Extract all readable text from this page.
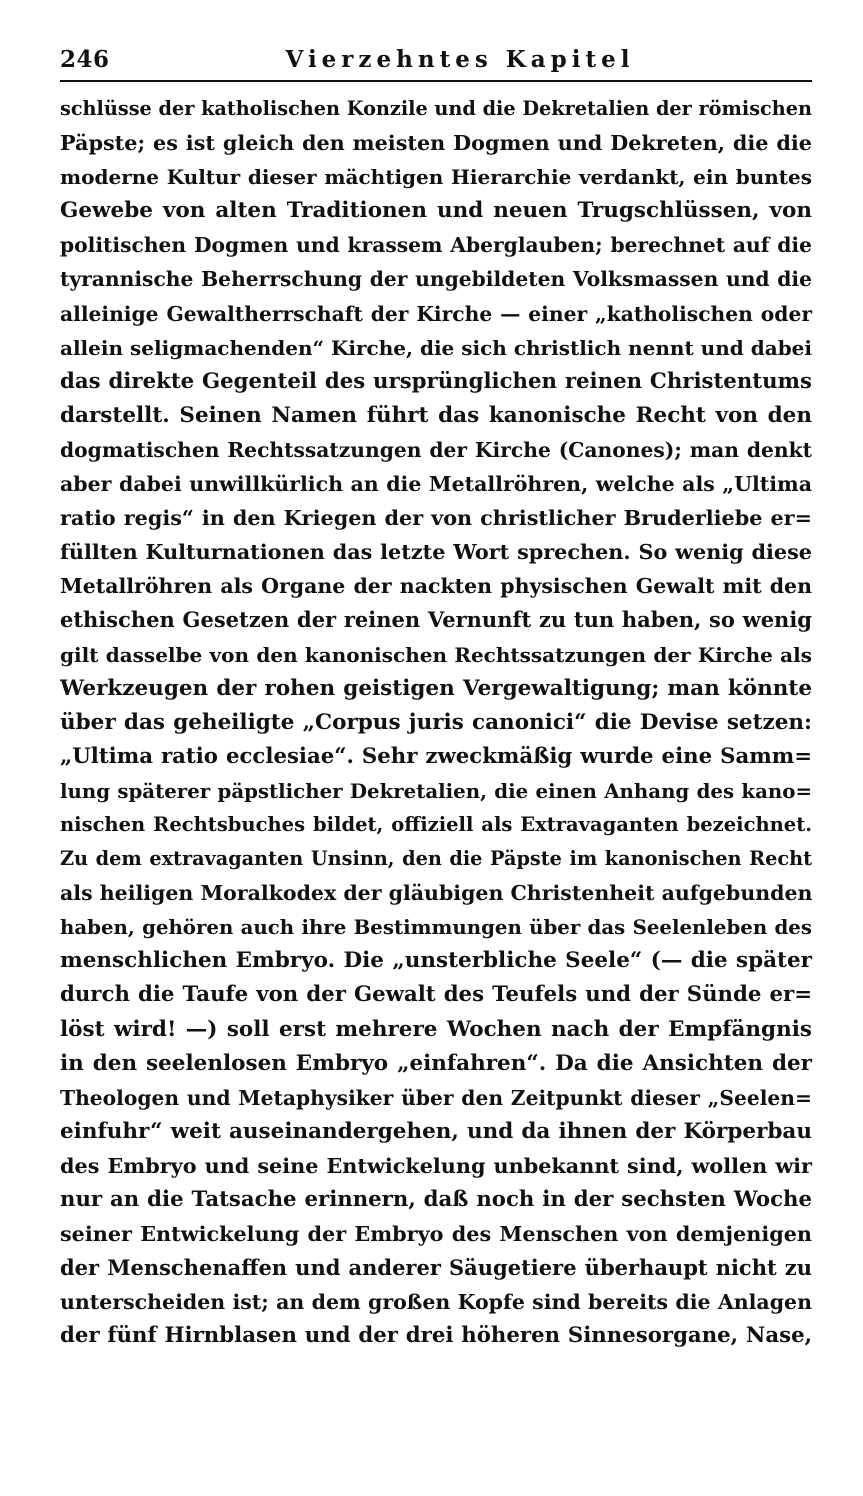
246	Vierzehntes Kapitel
schlüsse der katholischen Konzile und die Dekretalien der römischen
Päpste; es ist gleich den meisten Dogmen und Dekreten, die die
moderne Kultur dieser mächtigen Hierarchie verdankt, ein buntes
Gewebe von alten Traditionen und neuen Trugschlüssen, von
politischen Dogmen und krassem Aberglauben; berechnet auf die
tyrannische Beherrschung der ungebildeten Volksmassen und die
alleinige Gewaltherrschaft der Kirche — einer „katholischen oder
allein seligmachenden“ Kirche, die sich christlich nennt und dabei
das direkte Gegenteil des ursprünglichen reinen Christentums
darstellt. Seinen Namen führt das kanonische Recht von den
dogmatischen Rechtssatzungen der Kirche (Canones); man denkt
aber dabei unwillkürlich an die Metallröhren, welche als „Ultima
ratio regis“ in den Kriegen der von christlicher Bruderliebe er=
füllten Kulturnationen das letzte Wort sprechen. So wenig diese
Metallröhren als Organe der nackten physischen Gewalt mit den
ethischen Gesetzen der reinen Vernunft zu tun haben, so wenig
gilt dasselbe von den kanonischen Rechtssatzungen der Kirche als
Werkzeugen der rohen geistigen Vergewaltigung; man könnte
über das geheiligte „Corpus juris canonici“ die Devise setzen:
„Ultima ratio ecclesiae“. Sehr zweckmäßig wurde eine Samm=
lung späterer päpstlicher Dekretalien, die einen Anhang des kano=
nischen Rechtsbuches bildet, offiziell als Extravaganten bezeichnet.
Zu dem extravaganten Unsinn, den die Päpste im kanonischen Recht
als heiligen Moralkodex der gläubigen Christenheit aufgebunden
haben, gehören auch ihre Bestimmungen über das Seelenleben des
menschlichen Embryo. Die „unsterbliche Seele“ (— die später
durch die Taufe von der Gewalt des Teufels und der Sünde er=
löst wird! —) soll erst mehrere Wochen nach der Empfängnis
in den seelenlosen Embryo „einfahren“. Da die Ansichten der
Theologen und Metaphysiker über den Zeitpunkt dieser „Seelen=
einfuhr“ weit auseinandergehen, und da ihnen der Körperbau
des Embryo und seine Entwickelung unbekannt sind, wollen wir
nur an die Tatsache erinnern, daß noch in der sechsten Woche
seiner Entwickelung der Embryo des Menschen von demjenigen
der Menschenaffen und anderer Säugetiere überhaupt nicht zu
unterscheiden ist; an dem großen Kopfe sind bereits die Anlagen
der fünf Hirnblasen und der drei höheren Sinnesorgane, Nase,
